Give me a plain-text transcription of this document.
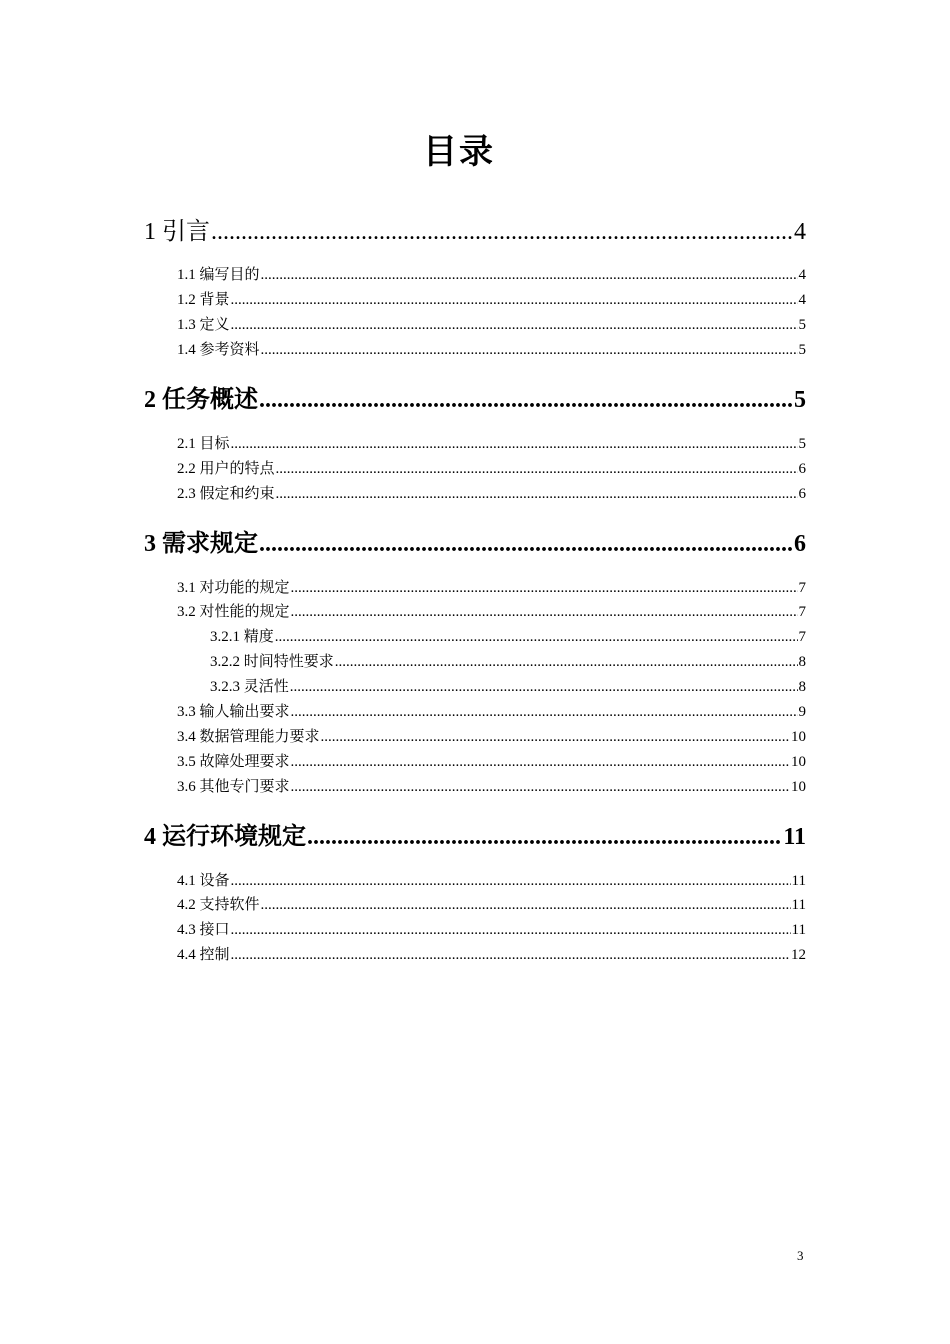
目录
1 引言 .....	4
1.1 编写目的 .....	4
1.2 背景 .....	4
1.3 定义 .....	5
1.4 参考资料 .....	5
2 任务概述 .....	5
2.1 目标 .....	5
2.2 用户的特点 .....	6
2.3 假定和约束 .....	6
3 需求规定 .....	6
3.1 对功能的规定 .....	7
3.2 对性能的规定 .....	7
3.2.1 精度 .....	7
3.2.2 时间特性要求 .....	8
3.2.3 灵活性 .....	8
3.3 输人输出要求 .....	9
3.4 数据管理能力要求 .....	10
3.5 故障处理要求 .....	10
3.6 其他专门要求 .....	10
4 运行环境规定 .....	11
4.1 设备 .....	11
4.2 支持软件 .....	11
4.3 接口 .....	11
4.4 控制 .....	12
3
